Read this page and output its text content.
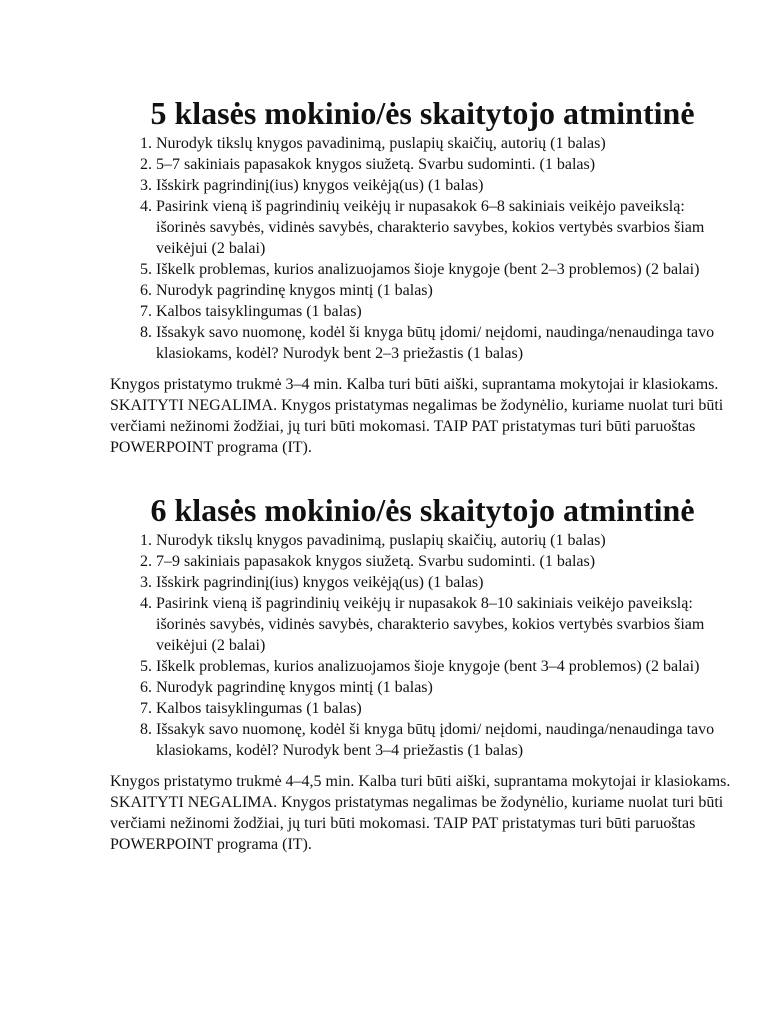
5 klasės mokinio/ės skaitytojo atmintinė
1. Nurodyk tikslų knygos pavadinimą, puslapių skaičių, autorių (1 balas)
2. 5–7 sakiniais papasakok knygos siužetą. Svarbu sudominti. (1 balas)
3. Išskirk pagrindinį(ius) knygos veikėją(us) (1 balas)
4. Pasirink vieną iš pagrindinių veikėjų ir nupasakok 6–8 sakiniais veikėjo paveikslą: išorinės savybės, vidinės savybės, charakterio savybes, kokios vertybės svarbios šiam veikėjui (2 balai)
5. Iškelk problemas, kurios analizuojamos šioje knygoje (bent 2–3 problemos) (2 balai)
6. Nurodyk pagrindinę knygos mintį (1 balas)
7. Kalbos taisyklingumas (1 balas)
8. Išsakyk savo nuomonę, kodėl ši knyga būtų įdomi/ neįdomi, naudinga/nenaudinga tavo klasiokams, kodėl? Nurodyk bent 2–3 priežastis (1 balas)

Knygos pristatymo trukmė 3–4 min. Kalba turi būti aiški, suprantama mokytojai ir klasiokams. SKAITYTI NEGALIMA. Knygos pristatymas negalimas be žodynėlio, kuriame nuolat turi būti verčiami nežinomi žodžiai, jų turi būti mokomasi. TAIP PAT pristatymas turi būti paruoštas POWERPOINT programa (IT).

6 klasės mokinio/ės skaitytojo atmintinė
1. Nurodyk tikslų knygos pavadinimą, puslapių skaičių, autorių (1 balas)
2. 7–9 sakiniais papasakok knygos siužetą. Svarbu sudominti. (1 balas)
3. Išskirk pagrindinį(ius) knygos veikėją(us) (1 balas)
4. Pasirink vieną iš pagrindinių veikėjų ir nupasakok 8–10 sakiniais veikėjo paveikslą: išorinės savybės, vidinės savybės, charakterio savybes, kokios vertybės svarbios šiam veikėjui (2 balai)
5. Iškelk problemas, kurios analizuojamos šioje knygoje (bent 3–4 problemos) (2 balai)
6. Nurodyk pagrindinę knygos mintį (1 balas)
7. Kalbos taisyklingumas (1 balas)
8. Išsakyk savo nuomonę, kodėl ši knyga būtų įdomi/ neįdomi, naudinga/nenaudinga tavo klasiokams, kodėl? Nurodyk bent 3–4 priežastis (1 balas)

Knygos pristatymo trukmė 4–4,5 min. Kalba turi būti aiški, suprantama mokytojai ir klasiokams. SKAITYTI NEGALIMA. Knygos pristatymas negalimas be žodynėlio, kuriame nuolat turi būti verčiami nežinomi žodžiai, jų turi būti mokomasi. TAIP PAT pristatymas turi būti paruoštas POWERPOINT programa (IT).
